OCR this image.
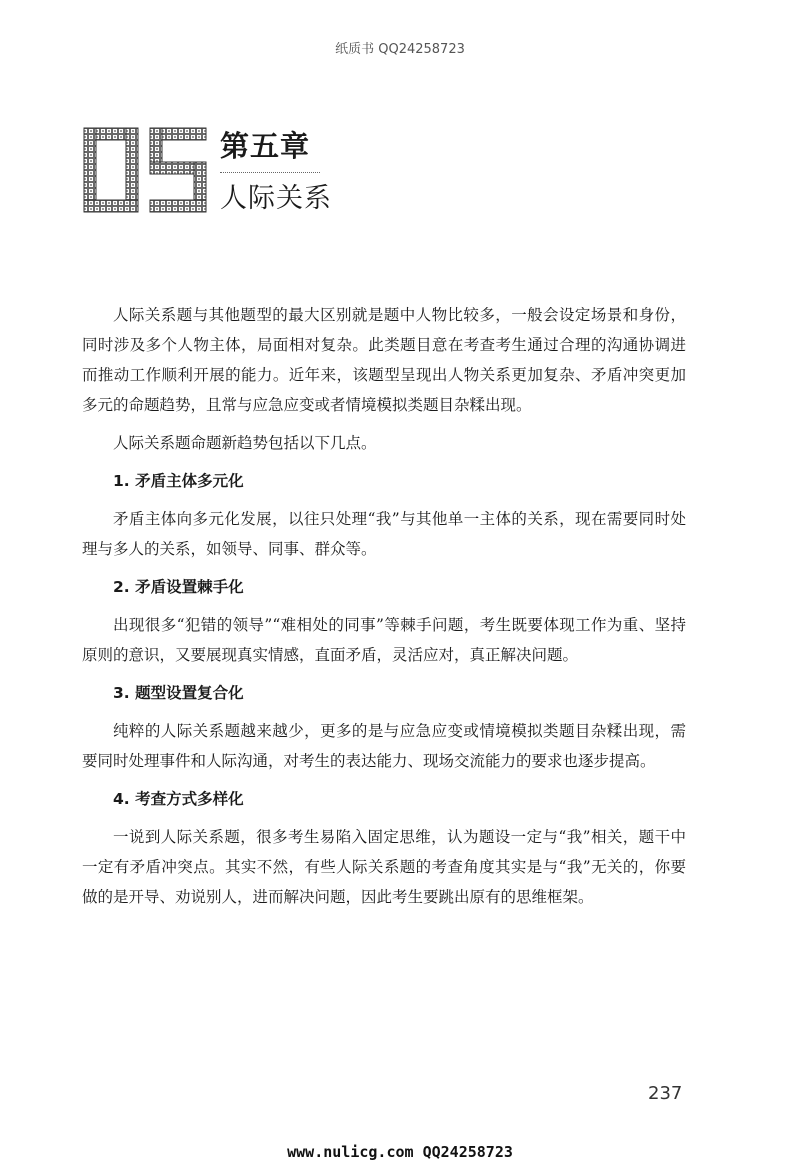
纸质书 QQ24258723
05
第五章
人际关系

人际关系题与其他题型的最大区别就是题中人物比较多，一般会设定场景和身份，同时涉及多个人物主体，局面相对复杂。此类题目意在考查考生通过合理的沟通协调进而推动工作顺利开展的能力。近年来，该题型呈现出人物关系更加复杂、矛盾冲突更加多元的命题趋势，且常与应急应变或者情境模拟类题目杂糅出现。

人际关系题命题新趋势包括以下几点。

1. 矛盾主体多元化

矛盾主体向多元化发展，以往只处理“我”与其他单一主体的关系，现在需要同时处理与多人的关系，如领导、同事、群众等。

2. 矛盾设置棘手化

出现很多“犯错的领导”“难相处的同事”等棘手问题，考生既要体现工作为重、坚持原则的意识，又要展现真实情感，直面矛盾，灵活应对，真正解决问题。

3. 题型设置复合化

纯粹的人际关系题越来越少，更多的是与应急应变或情境模拟类题目杂糅出现，需要同时处理事件和人际沟通，对考生的表达能力、现场交流能力的要求也逐步提高。

4. 考查方式多样化

一说到人际关系题，很多考生易陷入固定思维，认为题设一定与“我”相关，题干中一定有矛盾冲突点。其实不然，有些人际关系题的考查角度其实是与“我”无关的，你要做的是开导、劝说别人，进而解决问题，因此考生要跳出原有的思维框架。

237
www.nulicg.com QQ24258723
